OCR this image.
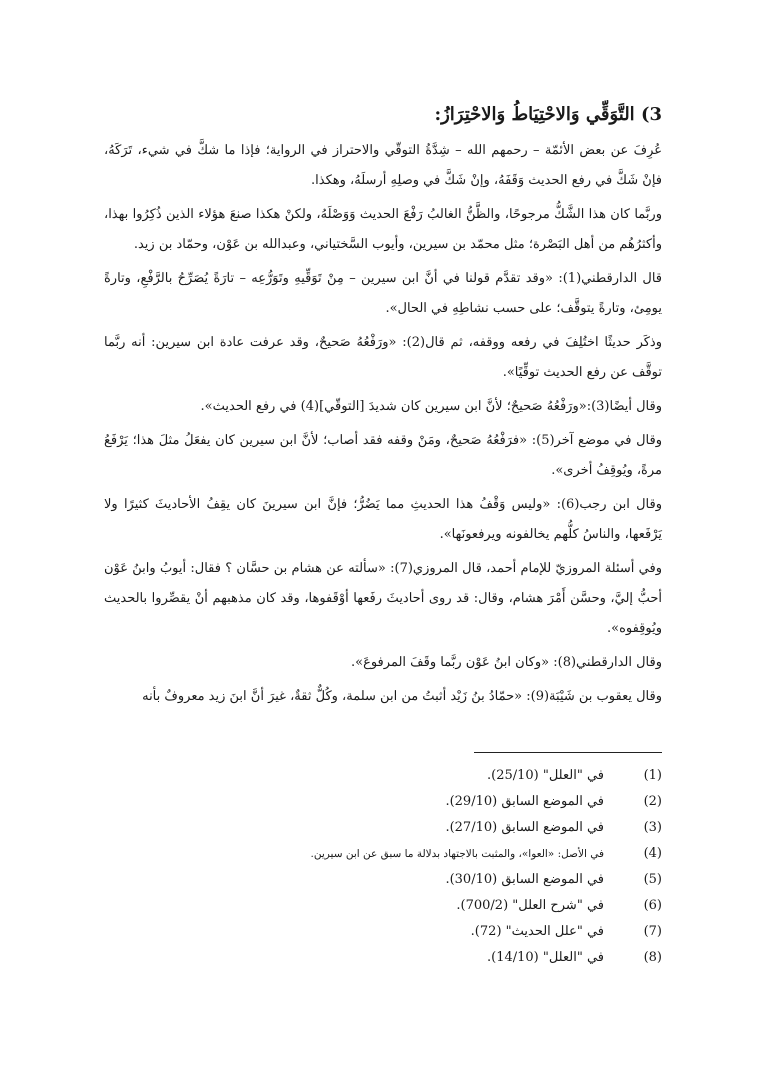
3) التَّوَقِّي وَالاحْتِيَاطُ وَالاحْتِرَازُ:

عُرِفَ عن بعض الأئمّة – رحمهم الله – شِدَّةُ التوقّي والاحتراز في الرواية؛ فإذا ما شكَّ في شيء، تَرَكَهُ، فإنْ شَكَّ في رفع الحديث وَقَفَهُ، وإنْ شَكَّ في وصلِهِ أرسلَهُ، وهكذا.

وربَّما كان هذا الشَّكُّ مرجوحًا، والظَّنُّ الغالبُ رَفْعَ الحديث وَوَصْلَهُ، ولكنْ هكذا صنعَ هؤلاء الذين ذُكِرُوا بهذا، وأكثرُهُم من أهل البَصْرة؛ مثل محمّد بن سيرين، وأيوب السَّختياني، وعبدالله بن عَوْن، وحمّاد بن زيد.

قال الدارقطني(1): «وقد تقدَّم قولنا في أنَّ ابن سيرين – مِنْ تَوَقِّيهِ وتَوَرُّعِه – تارَةً يُصَرِّحُ بالرَّفْعِ، وتارةً يومِئ، وتارةً يتوقَّف؛ على حسب نشاطِهِ في الحال».

وذكَر حديثًا اختُلِفَ في رفعه ووقفه، ثم قال(2): «ورَفْعُهُ صَحيحٌ، وقد عرفت عادة ابن سيرين: أنه ربَّما توقَّف عن رفع الحديث توقِّيًا».

وقال أيضًا(3):«ورَفْعُهُ صَحيحٌ؛ لأنَّ ابن سيرين كان شديدَ [التوقّي](4) في رفع الحديث».

وقال في موضع آخر(5): «فرَفْعُهُ صَحيحٌ، ومَنْ وقفه فقد أصاب؛ لأنَّ ابن سيرين كان يفعَلُ مثلَ هذا؛ يَرْفَعُ مرةً، ويُوقِفُ أخرى».

وقال ابن رجب(6): «وليس وَقْفُ هذا الحديثِ مما يَضُرُّ؛ فإنَّ ابن سيرينَ كان يقِفُ الأحاديثَ كثيرًا ولا يَرْفَعها، والناسُ كلُّهم يخالفونه ويرفعونَها».

وفي أسئلة المروزيّ للإمام أحمد، قال المروزي(7): «سألته عن هشام بن حسَّان ؟ فقال: أيوبُ وابنُ عَوْن أحبُّ إليَّ، وحسَّن أَمْرَ هشام، وقال: قد روى أحاديثَ رفَعها أوْقَفوها، وقد كان مذهبهم أنْ يقصِّروا بالحديث ويُوقِفوه».

وقال الدارقطني(8): «وكان ابنُ عَوْن ربَّما وقَفَ المرفوعَ».

وقال يعقوب بن شَيْبَة(9): «حمّادُ بنُ زَيْد أثبتُ من ابن سلمة، وكُلٌّ ثقةٌ، غيرَ أنَّ ابنَ زيد معروفٌ بأنه

(1)
في "العلل" (25/10).
(2)
في الموضع السابق (29/10).
(3)
في الموضع السابق (27/10).
(4)
في الأصل: «العوا»، والمثبت بالاجتهاد بدلالة ما سبق عن ابن سيرين.
(5)
في الموضع السابق (30/10).
(6)
في "شرح العلل" (700/2).
(7)
في "علل الحديث" (72).
(8)
في "العلل" (14/10).
